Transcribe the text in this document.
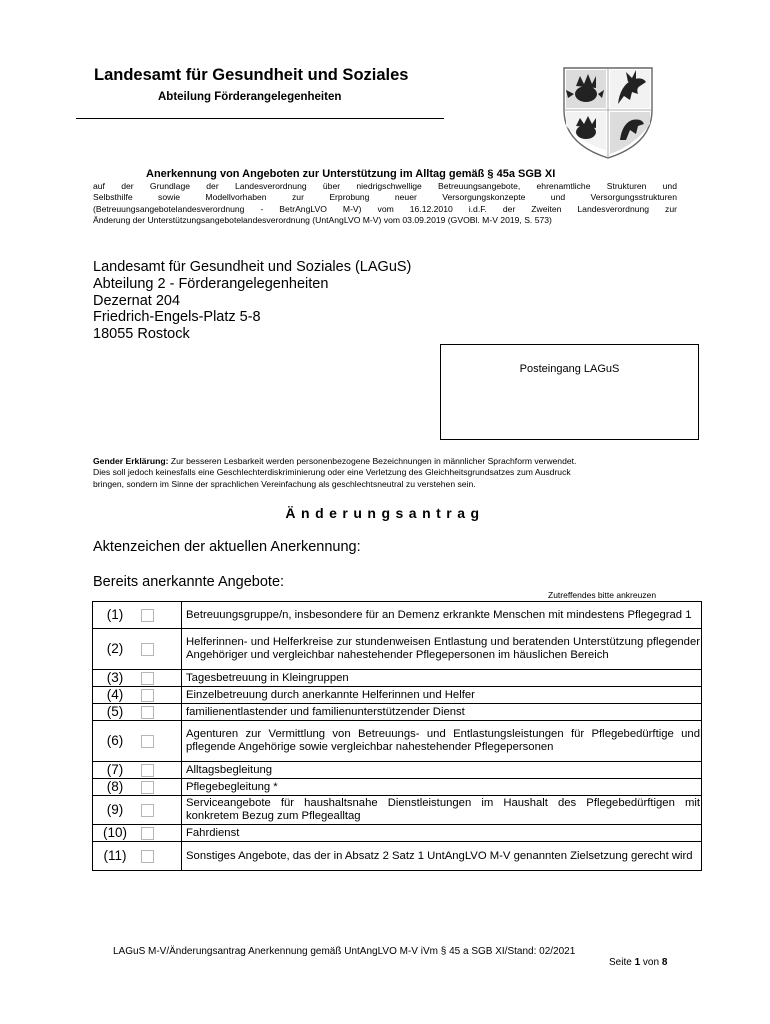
Landesamt für Gesundheit und Soziales
Abteilung Förderangelegenheiten
Anerkennung von Angeboten zur Unterstützung im Alltag gemäß § 45a SGB XI
auf der Grundlage der Landesverordnung über niedrigschwellige Betreuungsangebote, ehrenamtliche Strukturen und
Selbsthilfe sowie Modellvorhaben zur Erprobung neuer Versorgungskonzepte und Versorgungsstrukturen
(Betreuungsangebotelandesverordnung - BetrAngLVO M-V) vom 16.12.2010 i.d.F. der Zweiten Landesverordnung zur
Änderung der Unterstützungsangebotelandesverordnung (UntAngLVO M-V) vom 03.09.2019 (GVOBl. M-V 2019, S. 573)
Landesamt für Gesundheit und Soziales (LAGuS)
Abteilung 2 - Förderangelegenheiten
Dezernat 204
Friedrich-Engels-Platz 5-8
18055 Rostock
Posteingang LAGuS
Gender Erklärung: Zur besseren Lesbarkeit werden personenbezogene Bezeichnungen in männlicher Sprachform verwendet.
Dies soll jedoch keinesfalls eine Geschlechterdiskriminierung oder eine Verletzung des Gleichheitsgrundsatzes zum Ausdruck
bringen, sondern im Sinne der sprachlichen Vereinfachung als geschlechtsneutral zu verstehen sein.
Änderungsantrag
Aktenzeichen der aktuellen Anerkennung:
Bereits anerkannte Angebote:
Zutreffendes bitte ankreuzen
(1)		Betreuungsgruppe/n, insbesondere für an Demenz erkrankte Menschen mit mindestens Pflegegrad 1
(2)		Helferinnen- und Helferkreise zur stundenweisen Entlastung und beratenden Unterstützung pflegender Angehöriger und vergleichbar nahestehender Pflegepersonen im häuslichen Bereich
(3)		Tagesbetreuung in Kleingruppen
(4)		Einzelbetreuung durch anerkannte Helferinnen und Helfer
(5)		familienentlastender und familienunterstützender Dienst
(6)		Agenturen zur Vermittlung von Betreuungs- und Entlastungsleistungen für Pflegebedürftige und pflegende Angehörige sowie vergleichbar nahestehender Pflegepersonen
(7)		Alltagsbegleitung
(8)		Pflegebegleitung *
(9)		Serviceangebote für haushaltsnahe Dienstleistungen im Haushalt des Pflegebedürftigen mit konkretem Bezug zum Pflegealltag
(10)		Fahrdienst
(11)		Sonstiges Angebote, das der in Absatz 2 Satz 1 UntAngLVO M-V genannten Zielsetzung gerecht wird
LAGuS M-V/Änderungsantrag Anerkennung gemäß UntAngLVO M-V iVm § 45 a SGB XI/Stand: 02/2021
Seite 1 von 8
